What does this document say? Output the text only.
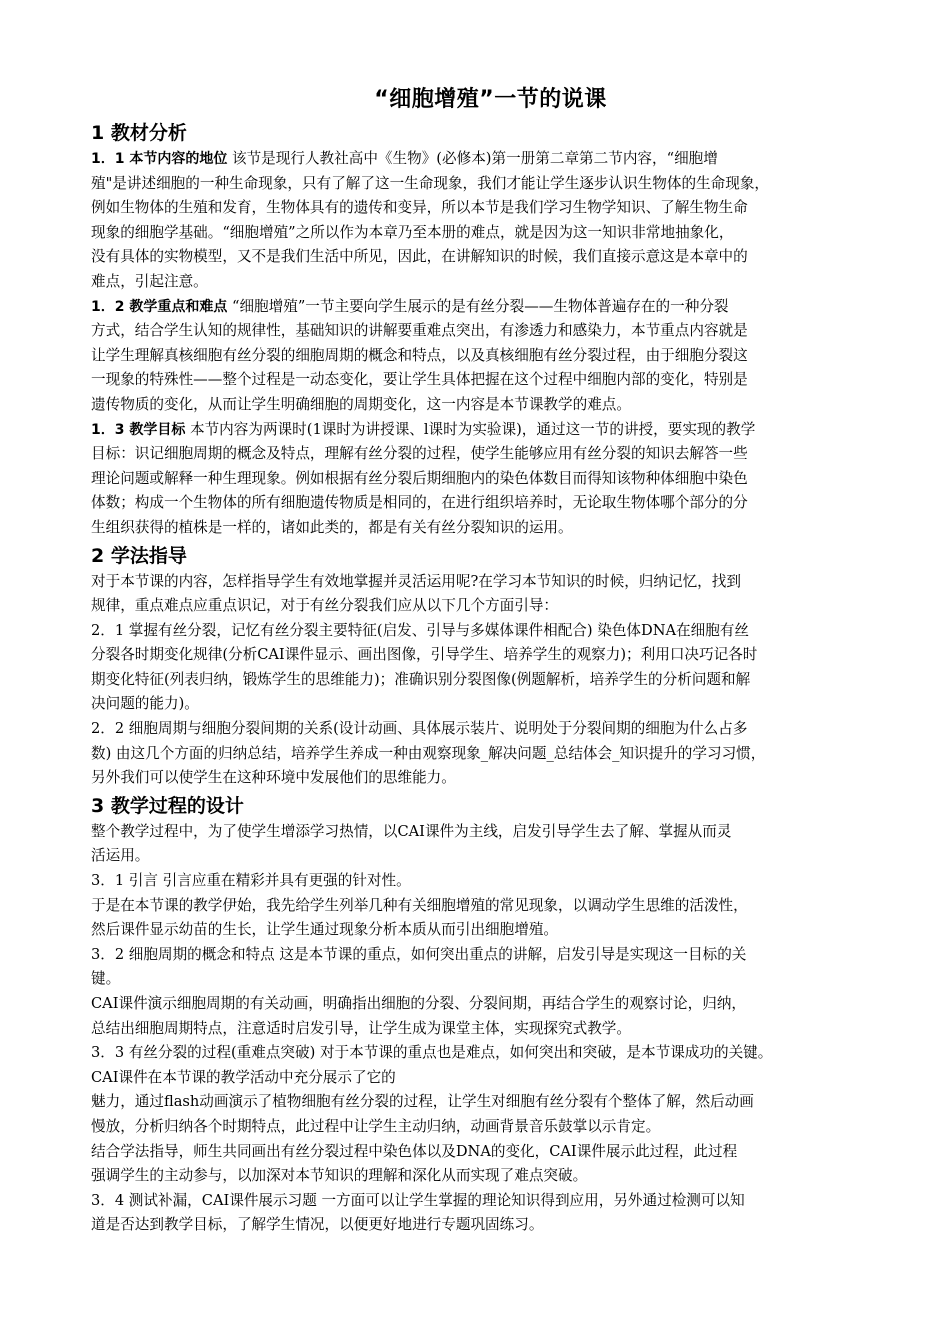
“细胞增殖”一节的说课
1 教材分析
1．1 本节内容的地位 该节是现行人教社高中《生物》(必修本)第一册第二章第二节内容，“细胞增
殖"是讲述细胞的一种生命现象，只有了解了这一生命现象，我们才能让学生逐步认识生物体的生命现象，
例如生物体的生殖和发育，生物体具有的遗传和变异，所以本节是我们学习生物学知识、了解生物生命
现象的细胞学基础。“细胞增殖”之所以作为本章乃至本册的难点，就是因为这一知识非常地抽象化，
没有具体的实物模型，又不是我们生活中所见，因此，在讲解知识的时候，我们直接示意这是本章中的
难点，引起注意。
1．2 教学重点和难点 “细胞增殖”一节主要向学生展示的是有丝分裂——生物体普遍存在的一种分裂
方式，结合学生认知的规律性，基础知识的讲解要重难点突出，有渗透力和感染力，本节重点内容就是
让学生理解真核细胞有丝分裂的细胞周期的概念和特点，以及真核细胞有丝分裂过程，由于细胞分裂这
一现象的特殊性——整个过程是一动态变化，要让学生具体把握在这个过程中细胞内部的变化，特别是
遗传物质的变化，从而让学生明确细胞的周期变化，这一内容是本节课教学的难点。
1．3 教学目标 本节内容为两课时(1课时为讲授课、l课时为实验课)，通过这一节的讲授，要实现的教学
目标：识记细胞周期的概念及特点，理解有丝分裂的过程，使学生能够应用有丝分裂的知识去解答一些
理论问题或解释一种生理现象。例如根据有丝分裂后期细胞内的染色体数目而得知该物种体细胞中染色
体数；构成一个生物体的所有细胞遗传物质是相同的，在进行组织培养时，无论取生物体哪个部分的分
生组织获得的植株是一样的，诸如此类的，都是有关有丝分裂知识的运用。
2 学法指导
对于本节课的内容，怎样指导学生有效地掌握并灵活运用呢?在学习本节知识的时候，归纳记忆，找到
规律，重点难点应重点识记，对于有丝分裂我们应从以下几个方面引导：
2．1 掌握有丝分裂，记忆有丝分裂主要特征(启发、引导与多媒体课件相配合) 染色体DNA在细胞有丝
分裂各时期变化规律(分析CAI课件显示、画出图像，引导学生、培养学生的观察力)；利用口决巧记各时
期变化特征(列表归纳，锻炼学生的思维能力)；准确识别分裂图像(例题解析，培养学生的分析问题和解
决问题的能力)。
2．2 细胞周期与细胞分裂间期的关系(设计动画、具体展示装片、说明处于分裂间期的细胞为什么占多
数) 由这几个方面的归纳总结，培养学生养成一种由观察现象_解决问题_总结体会_知识提升的学习习惯，
另外我们可以使学生在这种环境中发展他们的思维能力。
3 教学过程的设计
整个教学过程中，为了使学生增添学习热情，以CAI课件为主线，启发引导学生去了解、掌握从而灵
活运用。
3．1 引言 引言应重在精彩并具有更强的针对性。
于是在本节课的教学伊始，我先给学生列举几种有关细胞增殖的常见现象，以调动学生思维的活泼性，
然后课件显示幼苗的生长，让学生通过现象分析本质从而引出细胞增殖。
3．2 细胞周期的概念和特点 这是本节课的重点，如何突出重点的讲解，启发引导是实现这一目标的关
键。
CAI课件演示细胞周期的有关动画，明确指出细胞的分裂、分裂间期，再结合学生的观察讨论，归纳，
总结出细胞周期特点，注意适时启发引导，让学生成为课堂主体，实现探究式教学。
3．3 有丝分裂的过程(重难点突破) 对于本节课的重点也是难点，如何突出和突破，是本节课成功的关键。
CAI课件在本节课的教学活动中充分展示了它的
魅力，通过flash动画演示了植物细胞有丝分裂的过程，让学生对细胞有丝分裂有个整体了解，然后动画
慢放，分析归纳各个时期特点，此过程中让学生主动归纳，动画背景音乐鼓掌以示肯定。
结合学法指导，师生共同画出有丝分裂过程中染色体以及DNA的变化，CAI课件展示此过程，此过程
强调学生的主动参与，以加深对本节知识的理解和深化从而实现了难点突破。
3．4 测试补漏，CAI课件展示习题 一方面可以让学生掌握的理论知识得到应用，另外通过检测可以知
道是否达到教学目标，了解学生情况，以便更好地进行专题巩固练习。
